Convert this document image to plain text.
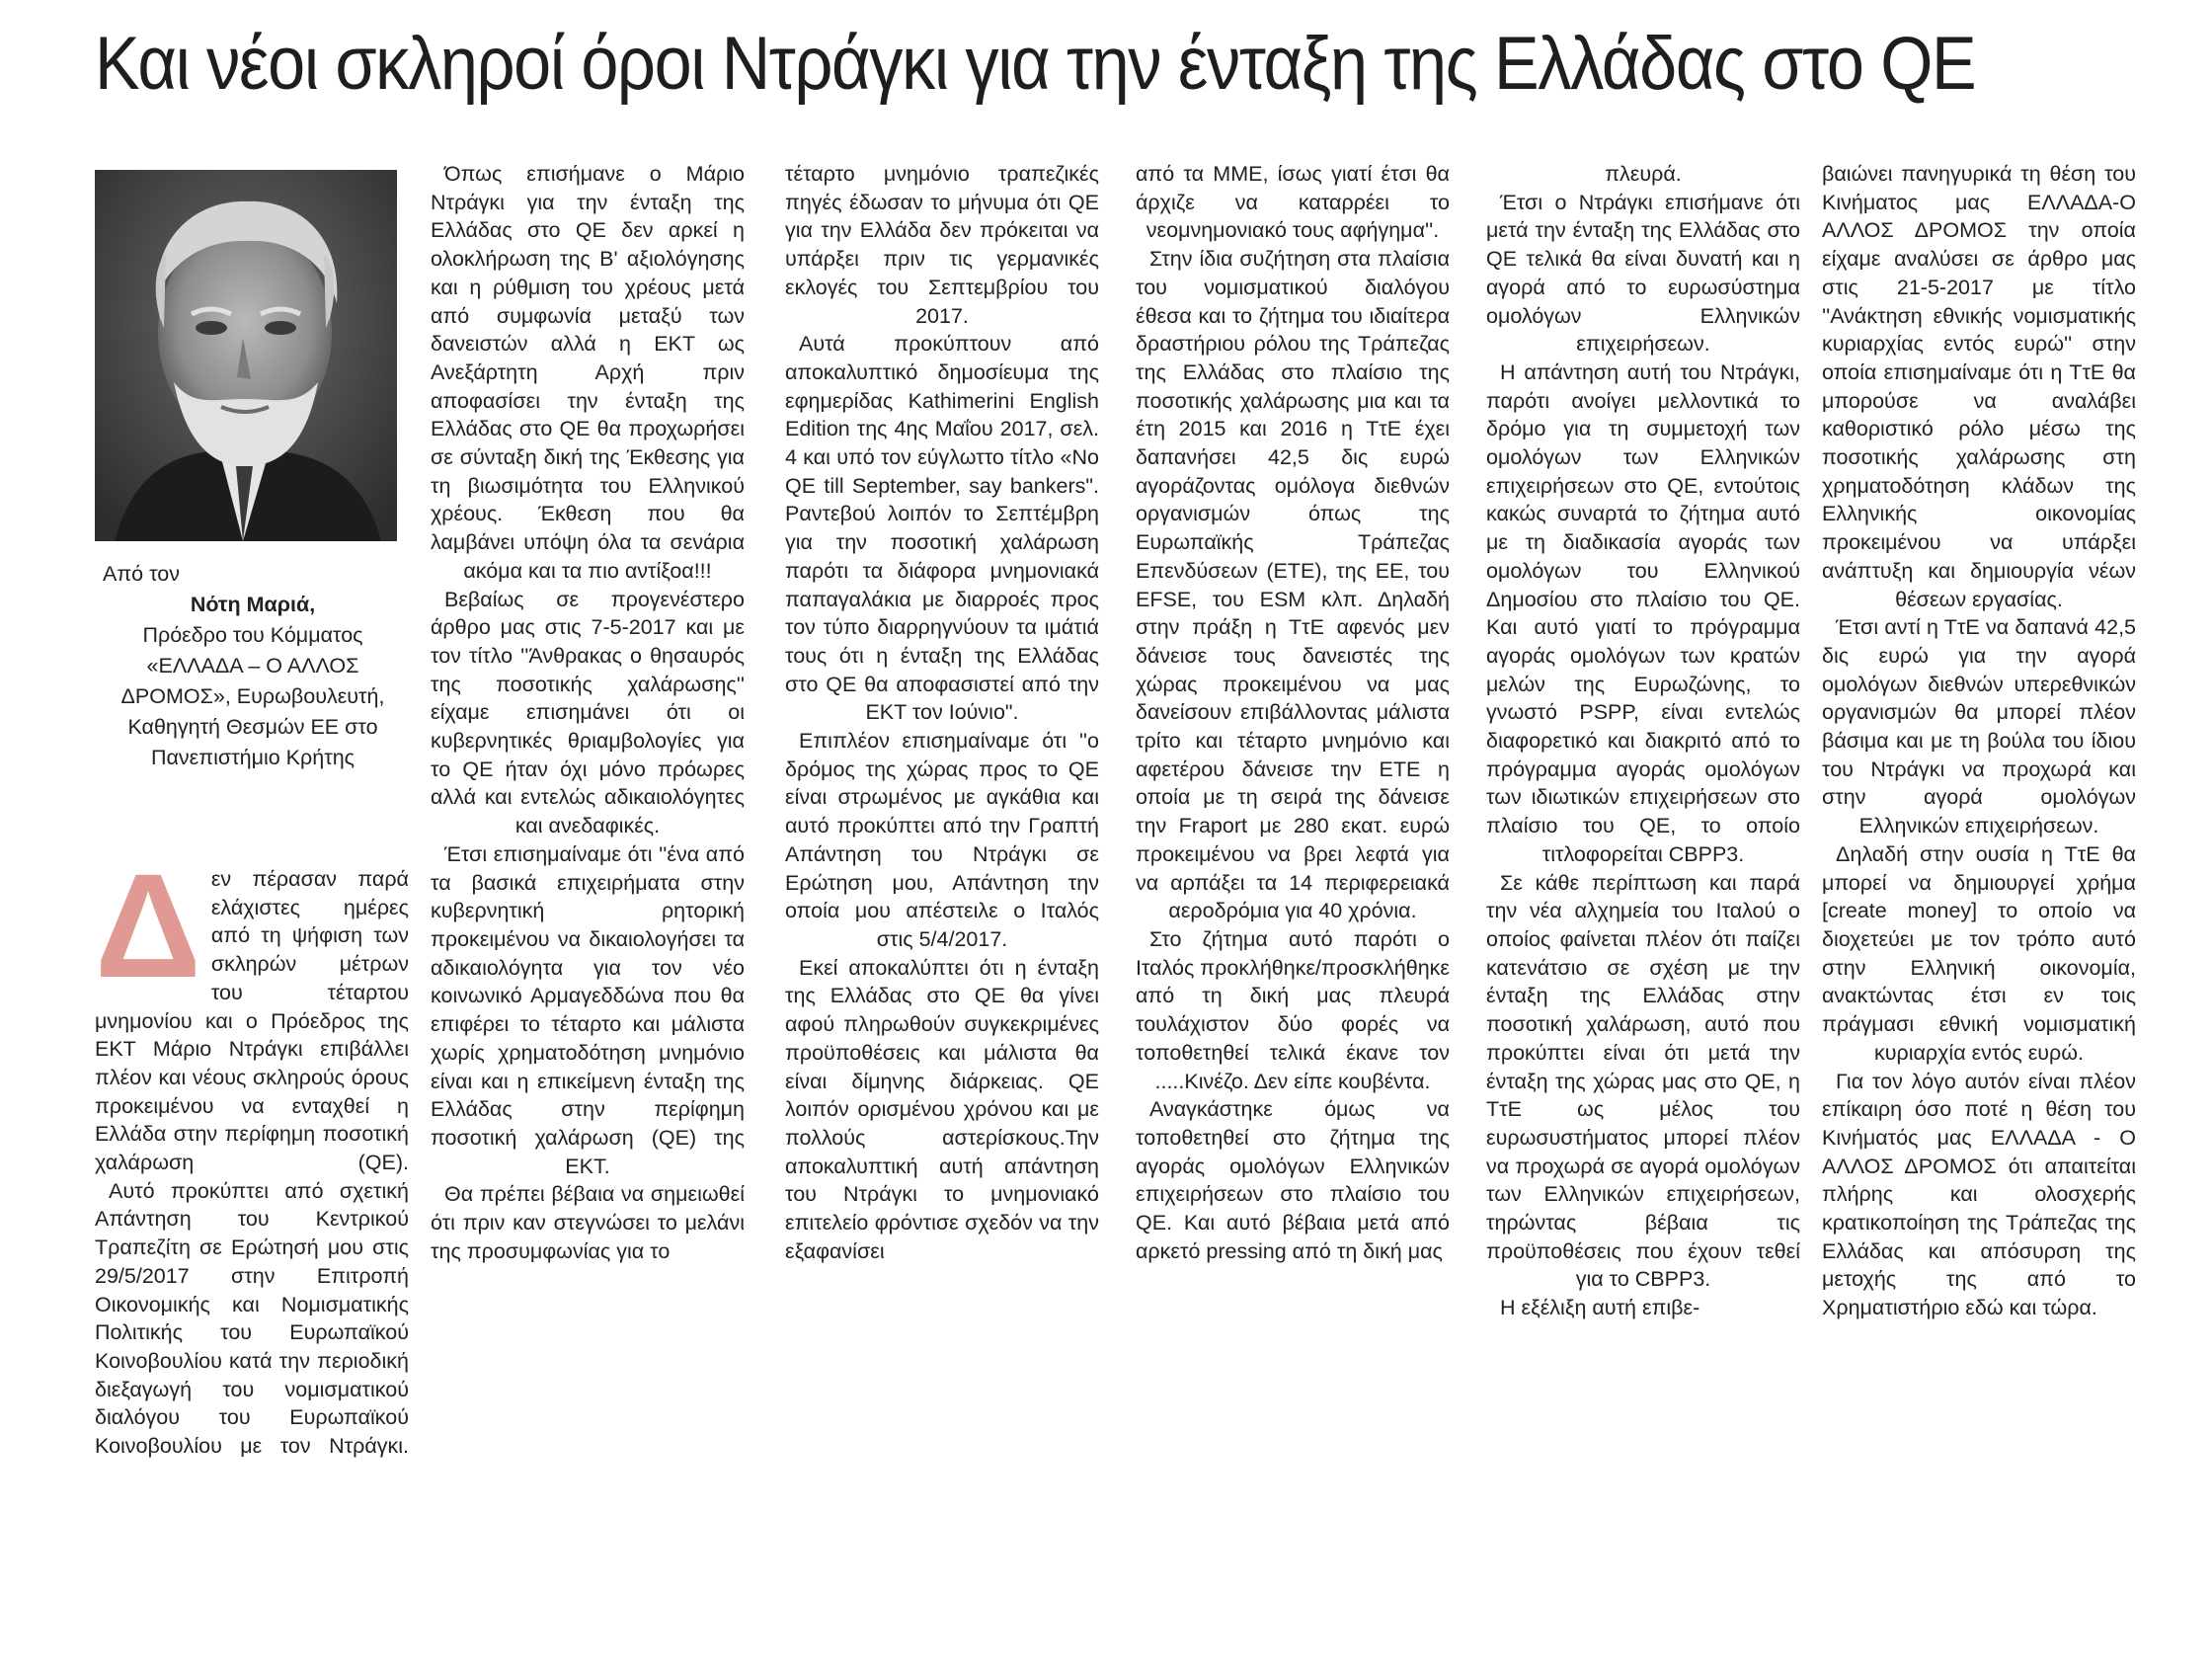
Και νέοι σκληροί όροι Ντράγκι για την ένταξη της Ελλάδας στο QE
Από τον
Νότη Μαριά,
Πρόεδρο του Κόμματος «ΕΛΛΑΔΑ – Ο ΑΛΛΟΣ ΔΡΟΜΟΣ», Ευρωβουλευτή, Καθηγητή Θεσμών ΕΕ στο Πανεπιστήμιο Κρήτης
Δ εν πέρασαν παρά ελάχιστες ημέρες από τη ψήφιση των σκληρών μέτρων του τέταρτου μνημονίου και ο Πρόεδρος της ΕΚΤ Μάριο Ντράγκι επιβάλλει πλέον και νέους σκληρούς όρους προκειμένου να ενταχθεί η Ελλάδα στην περίφημη ποσοτική χαλάρωση (QE).

Αυτό προκύπτει από σχετική Απάντηση του Κεντρικού Τραπεζίτη σε Ερώτησή μου στις 29/5/2017 στην Επιτροπή Οικονομικής και Νομισματικής Πολιτικής του Ευρωπαϊκού Κοινοβουλίου κατά την περιοδική διεξαγωγή του νομισματικού διαλόγου του Ευρωπαϊκού Κοινοβουλίου με τον Ντράγκι.

Όπως επισήμανε ο Μάριο Ντράγκι για την ένταξη της Ελλάδας στο QE δεν αρκεί η ολοκλήρωση της Β' αξιολόγησης και η ρύθμιση του χρέους μετά από συμφωνία μεταξύ των δανειστών αλλά η ΕΚΤ ως Ανεξάρτητη Αρχή πριν αποφασίσει την ένταξη της Ελλάδας στο QE θα προχωρήσει σε σύνταξη δική της Έκθεσης για τη βιωσιμότητα του Ελληνικού χρέους. Έκθεση που θα λαμβάνει υπόψη όλα τα σενάρια ακόμα και τα πιο αντίξοα!!!

Βεβαίως σε προγενέστερο άρθρο μας στις 7-5-2017 και με τον τίτλο ''Άνθρακας ο θησαυρός της ποσοτικής χαλάρωσης'' είχαμε επισημάνει ότι οι κυβερνητικές θριαμβολογίες για το QE ήταν όχι μόνο πρόωρες αλλά και εντελώς αδικαιολόγητες και ανεδαφικές.

Έτσι επισημαίναμε ότι ''ένα από τα βασικά επιχειρήματα στην κυβερνητική ρητορική προκειμένου να δικαιολογήσει τα αδικαιολόγητα για τον νέο κοινωνικό Αρμαγεδδώνα που θα επιφέρει το τέταρτο και μάλιστα χωρίς χρηματοδότηση μνημόνιο είναι και η επικείμενη ένταξη της Ελλάδας στην περίφημη ποσοτική χαλάρωση (QE) της ΕΚΤ.

Θα πρέπει βέβαια να σημειωθεί ότι πριν καν στεγνώσει το μελάνι της προσυμφωνίας για το

τέταρτο μνημόνιο τραπεζικές πηγές έδωσαν το μήνυμα ότι QE για την Ελλάδα δεν πρόκειται να υπάρξει πριν τις γερμανικές εκλογές του Σεπτεμβρίου του 2017.

Αυτά προκύπτουν από αποκαλυπτικό δημοσίευμα της εφημερίδας Kathimerini English Edition της 4ης Μαΐου 2017, σελ. 4 και υπό τον εύγλωττο τίτλο «No QE till September, say bankers". Ραντεβού λοιπόν το Σεπτέμβρη για την ποσοτική χαλάρωση παρότι τα διάφορα μνημονιακά παπαγαλάκια με διαρροές προς τον τύπο διαρρηγνύουν τα ιμάτιά τους ότι η ένταξη της Ελλάδας στο QE θα αποφασιστεί από την ΕΚΤ τον Ιούνιο".

Επιπλέον επισημαίναμε ότι ''ο δρόμος της χώρας προς το QE είναι στρωμένος με αγκάθια και αυτό προκύπτει από την Γραπτή Απάντηση του Ντράγκι σε Ερώτηση μου, Απάντηση την οποία μου απέστειλε ο Ιταλός στις 5/4/2017.

Εκεί αποκαλύπτει ότι η ένταξη της Ελλάδας στο QE θα γίνει αφού πληρωθούν συγκεκριμένες προϋποθέσεις και μάλιστα θα είναι δίμηνης διάρκειας. QE λοιπόν ορισμένου χρόνου και με πολλούς αστερίσκους.Την αποκαλυπτική αυτή απάντηση του Ντράγκι το μνημονιακό επιτελείο φρόντισε σχεδόν να την εξαφανίσει

από τα ΜΜΕ, ίσως γιατί έτσι θα άρχιζε να καταρρέει το νεομνημονιακό τους αφήγημα''.

Στην ίδια συζήτηση στα πλαίσια του νομισματικού διαλόγου έθεσα και το ζήτημα του ιδιαίτερα δραστήριου ρόλου της Τράπεζας της Ελλάδας στο πλαίσιο της ποσοτικής χαλάρωσης μια και τα έτη 2015 και 2016 η ΤτΕ έχει δαπανήσει 42,5 δις ευρώ αγοράζοντας ομόλογα διεθνών οργανισμών όπως της Ευρωπαϊκής Τράπεζας Επενδύσεων (ΕΤΕ), της ΕΕ, του EFSE, του ESM κλπ. Δηλαδή στην πράξη η ΤτΕ αφενός μεν δάνεισε τους δανειστές της χώρας προκειμένου να μας δανείσουν επιβάλλοντας μάλιστα τρίτο και τέταρτο μνημόνιο και αφετέρου δάνεισε την ΕΤΕ η οποία με τη σειρά της δάνεισε την Fraport με 280 εκατ. ευρώ προκειμένου να βρει λεφτά για να αρπάξει τα 14 περιφερειακά αεροδρόμια για 40 χρόνια.

Στο ζήτημα αυτό παρότι ο Ιταλός προκλήθηκε/προσκλήθηκε από τη δική μας πλευρά τουλάχιστον δύο φορές να τοποθετηθεί τελικά έκανε τον .....Κινέζο. Δεν είπε κουβέντα.

Αναγκάστηκε όμως να τοποθετηθεί στο ζήτημα της αγοράς ομολόγων Ελληνικών επιχειρήσεων στο πλαίσιο του QE. Και αυτό βέβαια μετά από αρκετό pressing από τη δική μας

πλευρά.

Έτσι ο Ντράγκι επισήμανε ότι μετά την ένταξη της Ελλάδας στο QE τελικά θα είναι δυνατή και η αγορά από το ευρωσύστημα ομολόγων Ελληνικών επιχειρήσεων.

Η απάντηση αυτή του Ντράγκι, παρότι ανοίγει μελλοντικά το δρόμο για τη συμμετοχή των ομολόγων των Ελληνικών επιχειρήσεων στο QE, εντούτοις κακώς συναρτά το ζήτημα αυτό με τη διαδικασία αγοράς των ομολόγων του Ελληνικού Δημοσίου στο πλαίσιο του QE. Και αυτό γιατί το πρόγραμμα αγοράς ομολόγων των κρατών μελών της Ευρωζώνης, το γνωστό PSPP, είναι εντελώς διαφορετικό και διακριτό από το πρόγραμμα αγοράς ομολόγων των ιδιωτικών επιχειρήσεων στο πλαίσιο του QE, το οποίο τιτλοφορείται CBPP3.

Σε κάθε περίπτωση και παρά την νέα αλχημεία του Ιταλού ο οποίος φαίνεται πλέον ότι παίζει κατενάτσιο σε σχέση με την ένταξη της Ελλάδας στην ποσοτική χαλάρωση, αυτό που προκύπτει είναι ότι μετά την ένταξη της χώρας μας στο QE, η ΤτΕ ως μέλος του ευρωσυστήματος μπορεί πλέον να προχωρά σε αγορά ομολόγων των Ελληνικών επιχειρήσεων, τηρώντας βέβαια τις προϋποθέσεις που έχουν τεθεί για το CBPP3.

Η εξέλιξη αυτή επιβε-

βαιώνει πανηγυρικά τη θέση του Κινήματος μας ΕΛΛΑΔΑ-Ο ΑΛΛΟΣ ΔΡΟΜΟΣ την οποία είχαμε αναλύσει σε άρθρο μας στις 21-5-2017 με τίτλο ''Ανάκτηση εθνικής νομισματικής κυριαρχίας εντός ευρώ'' στην οποία επισημαίναμε ότι η ΤτΕ θα μπορούσε να αναλάβει καθοριστικό ρόλο μέσω της ποσοτικής χαλάρωσης στη χρηματοδότηση κλάδων της Ελληνικής οικονομίας προκειμένου να υπάρξει ανάπτυξη και δημιουργία νέων θέσεων εργασίας.

Έτσι αντί η ΤτΕ να δαπανά 42,5 δις ευρώ για την αγορά ομολόγων διεθνών υπερεθνικών οργανισμών θα μπορεί πλέον βάσιμα και με τη βούλα του ίδιου του Ντράγκι να προχωρά και στην αγορά ομολόγων Ελληνικών επιχειρήσεων.

Δηλαδή στην ουσία η ΤτΕ θα μπορεί να δημιουργεί χρήμα [create money] το οποίο να διοχετεύει με τον τρόπο αυτό στην Ελληνική οικονομία, ανακτώντας έτσι εν τοις πράγμασι εθνική νομισματική κυριαρχία εντός ευρώ.

Για τον λόγο αυτόν είναι πλέον επίκαιρη όσο ποτέ η θέση του Κινήματός μας ΕΛΛΑΔΑ - Ο ΑΛΛΟΣ ΔΡΟΜΟΣ ότι απαιτείται πλήρης και ολοσχερής κρατικοποίηση της Τράπεζας της Ελλάδας και απόσυρση της μετοχής της από το Χρηματιστήριο εδώ και τώρα.
